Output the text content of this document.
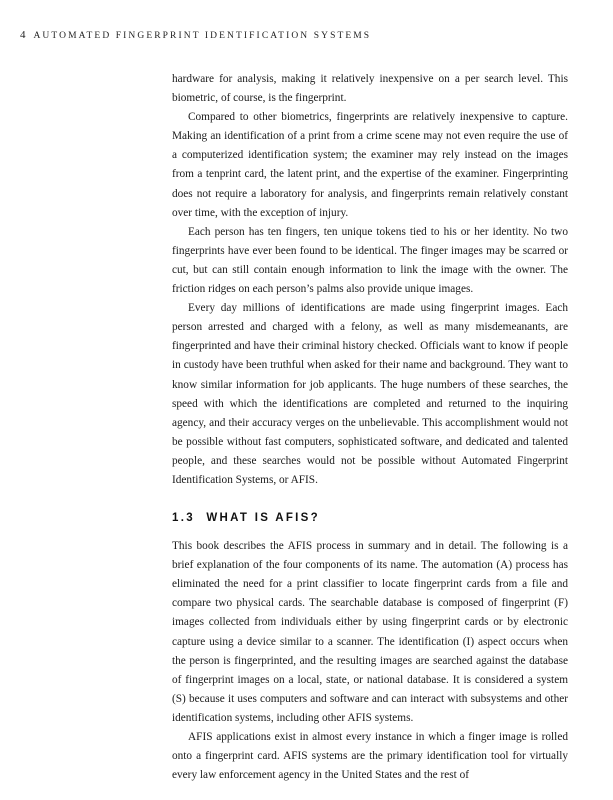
4 AUTOMATED FINGERPRINT IDENTIFICATION SYSTEMS

hardware for analysis, making it relatively inexpensive on a per search level. This biometric, of course, is the fingerprint.

Compared to other biometrics, fingerprints are relatively inexpensive to capture. Making an identification of a print from a crime scene may not even require the use of a computerized identification system; the examiner may rely instead on the images from a tenprint card, the latent print, and the expertise of the examiner. Fingerprinting does not require a laboratory for analysis, and fingerprints remain relatively constant over time, with the exception of injury.

Each person has ten fingers, ten unique tokens tied to his or her identity. No two fingerprints have ever been found to be identical. The finger images may be scarred or cut, but can still contain enough information to link the image with the owner. The friction ridges on each person’s palms also provide unique images.

Every day millions of identifications are made using fingerprint images. Each person arrested and charged with a felony, as well as many misdemeanants, are fingerprinted and have their criminal history checked. Officials want to know if people in custody have been truthful when asked for their name and background. They want to know similar information for job applicants. The huge numbers of these searches, the speed with which the identifications are completed and returned to the inquiring agency, and their accuracy verges on the unbelievable. This accomplishment would not be possible without fast computers, sophisticated software, and dedicated and talented people, and these searches would not be possible without Automated Fingerprint Identification Systems, or AFIS.

1.3 WHAT IS AFIS?

This book describes the AFIS process in summary and in detail. The following is a brief explanation of the four components of its name. The automation (A) process has eliminated the need for a print classifier to locate fingerprint cards from a file and compare two physical cards. The searchable database is composed of fingerprint (F) images collected from individuals either by using fingerprint cards or by electronic capture using a device similar to a scanner. The identification (I) aspect occurs when the person is fingerprinted, and the resulting images are searched against the database of fingerprint images on a local, state, or national database. It is considered a system (S) because it uses computers and software and can interact with subsystems and other identification systems, including other AFIS systems.

AFIS applications exist in almost every instance in which a finger image is rolled onto a fingerprint card. AFIS systems are the primary identification tool for virtually every law enforcement agency in the United States and the rest of
